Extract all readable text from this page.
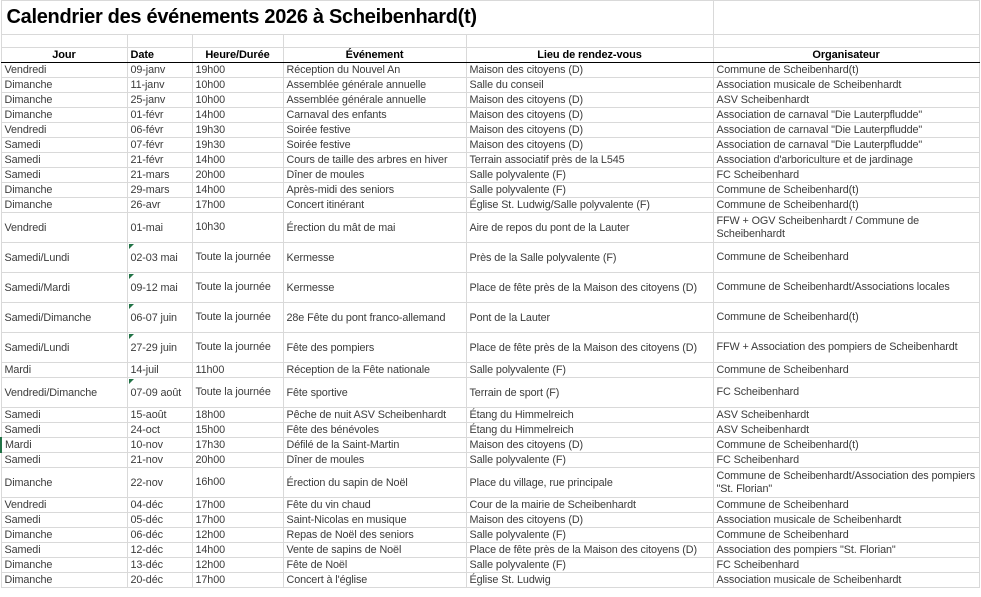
Calendrier des événements 2026 à Scheibenhard(t)					

Jour	Date	Heure/Durée	Événement	Lieu de rendez-vous	Organisateur
Vendredi	09-janv	19h00	Réception du Nouvel An	Maison des citoyens (D)	Commune de Scheibenhard(t)
Dimanche	11-janv	10h00	Assemblée générale annuelle	Salle du conseil	Association musicale de Scheibenhardt
Dimanche	25-janv	10h00	Assemblée générale annuelle	Maison des citoyens (D)	ASV Scheibenhardt
Dimanche	01-févr	14h00	Carnaval des enfants	Maison des citoyens (D)	Association de carnaval "Die Lauterpfludde"
Vendredi	06-févr	19h30	Soirée festive	Maison des citoyens (D)	Association de carnaval "Die Lauterpfludde"
Samedi	07-févr	19h30	Soirée festive	Maison des citoyens (D)	Association de carnaval "Die Lauterpfludde"
Samedi	21-févr	14h00	Cours de taille des arbres en hiver	Terrain associatif près de la L545	Association d'arboriculture et de jardinage
Samedi	21-mars	20h00	Dîner de moules	Salle polyvalente (F)	FC Scheibenhard
Dimanche	29-mars	14h00	Après-midi des seniors	Salle polyvalente (F)	Commune de Scheibenhard(t)
Dimanche	26-avr	17h00	Concert itinérant	Église St. Ludwig/Salle polyvalente (F)	Commune de Scheibenhard(t)
Vendredi	01-mai	10h30	Érection du mât de mai	Aire de repos du pont de la Lauter	FFW + OGV Scheibenhardt / Commune de Scheibenhardt
Samedi/Lundi	02-03 mai	Toute la journée	Kermesse	Près de la Salle polyvalente (F)	Commune de Scheibenhard
Samedi/Mardi	09-12 mai	Toute la journée	Kermesse	Place de fête près de la Maison des citoyens (D)	Commune de Scheibenhardt/Associations locales
Samedi/Dimanche	06-07 juin	Toute la journée	28e Fête du pont franco-allemand	Pont de la Lauter	Commune de Scheibenhard(t)
Samedi/Lundi	27-29 juin	Toute la journée	Fête des pompiers	Place de fête près de la Maison des citoyens (D)	FFW + Association des pompiers de Scheibenhardt
Mardi	14-juil	11h00	Réception de la Fête nationale	Salle polyvalente (F)	Commune de Scheibenhard
Vendredi/Dimanche	07-09 août	Toute la journée	Fête sportive	Terrain de sport (F)	FC Scheibenhard
Samedi	15-août	18h00	Pêche de nuit ASV Scheibenhardt	Étang du Himmelreich	ASV Scheibenhardt
Samedi	24-oct	15h00	Fête des bénévoles	Étang du Himmelreich	ASV Scheibenhardt
Mardi	10-nov	17h30	Défilé de la Saint-Martin	Maison des citoyens (D)	Commune de Scheibenhard(t)
Samedi	21-nov	20h00	Dîner de moules	Salle polyvalente (F)	FC Scheibenhard
Dimanche	22-nov	16h00	Érection du sapin de Noël	Place du village, rue principale	Commune de Scheibenhardt/Association des pompiers "St. Florian"
Vendredi	04-déc	17h00	Fête du vin chaud	Cour de la mairie de Scheibenhardt	Commune de Scheibenhard
Samedi	05-déc	17h00	Saint-Nicolas en musique	Maison des citoyens (D)	Association musicale de Scheibenhardt
Dimanche	06-déc	12h00	Repas de Noël des seniors	Salle polyvalente (F)	Commune de Scheibenhard
Samedi	12-déc	14h00	Vente de sapins de Noël	Place de fête près de la Maison des citoyens (D)	Association des pompiers "St. Florian"
Dimanche	13-déc	12h00	Fête de Noël	Salle polyvalente (F)	FC Scheibenhard
Dimanche	20-déc	17h00	Concert à l'église	Église St. Ludwig	Association musicale de Scheibenhardt
